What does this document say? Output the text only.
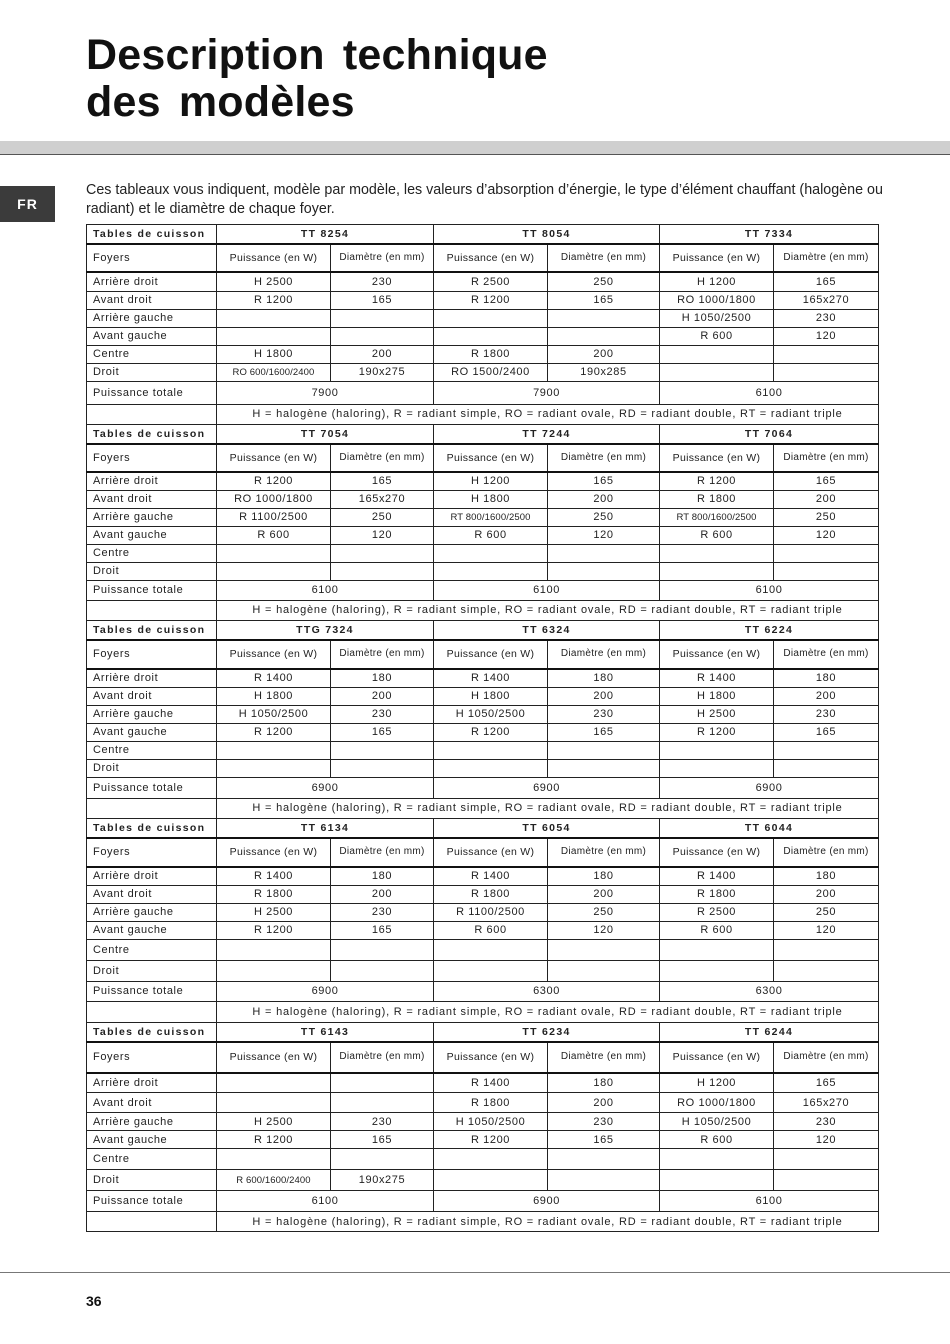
Description technique
des modèles
FR

Ces tableaux vous indiquent, modèle par modèle, les valeurs d’absorption d’énergie, le type d’élément chauffant (halogène ou radiant) et le diamètre de chaque foyer.

Tables de cuisson	TT 8254		TT 8054		TT 7334	
Foyers	Puissance (en W)	Diamètre (en mm)	Puissance (en W)	Diamètre (en mm)	Puissance (en W)	Diamètre (en mm)
Arrière droit	H 2500	230	R 2500	250	H 1200	165
Avant droit	R 1200	165	R 1200	165	RO 1000/1800	165x270
Arrière gauche					H 1050/2500	230
Avant gauche					R 600	120
Centre	H 1800	200	R 1800	200		
Droit	RO 600/1600/2400	190x275	RO 1500/2400	190x285		
Puissance totale	7900		7900		6100	
	H = halogène (haloring), R = radiant simple, RO = radiant ovale, RD = radiant double, RT = radiant triple					
Tables de cuisson	TT 7054		TT 7244		TT 7064	
Foyers	Puissance (en W)	Diamètre (en mm)	Puissance (en W)	Diamètre (en mm)	Puissance (en W)	Diamètre (en mm)
Arrière droit	R 1200	165	H 1200	165	R 1200	165
Avant droit	RO 1000/1800	165x270	H 1800	200	R 1800	200
Arrière gauche	R 1100/2500	250	RT 800/1600/2500	250	RT 800/1600/2500	250
Avant gauche	R 600	120	R 600	120	R 600	120
Centre						
Droit						
Puissance totale	6100		6100		6100	
	H = halogène (haloring), R = radiant simple, RO = radiant ovale, RD = radiant double, RT = radiant triple					
Tables de cuisson	TTG 7324		TT 6324		TT 6224	
Foyers	Puissance (en W)	Diamètre (en mm)	Puissance (en W)	Diamètre (en mm)	Puissance (en W)	Diamètre (en mm)
Arrière droit	R 1400	180	R 1400	180	R 1400	180
Avant droit	H 1800	200	H 1800	200	H 1800	200
Arrière gauche	H 1050/2500	230	H 1050/2500	230	H 2500	230
Avant gauche	R 1200	165	R 1200	165	R 1200	165
Centre						
Droit						
Puissance totale	6900		6900		6900	
	H = halogène (haloring), R = radiant simple, RO = radiant ovale, RD = radiant double, RT = radiant triple					
Tables de cuisson	TT 6134		TT 6054		TT 6044	
Foyers	Puissance (en W)	Diamètre (en mm)	Puissance (en W)	Diamètre (en mm)	Puissance (en W)	Diamètre (en mm)
Arrière droit	R 1400	180	R 1400	180	R 1400	180
Avant droit	R 1800	200	R 1800	200	R 1800	200
Arrière gauche	H 2500	230	R 1100/2500	250	R 2500	250
Avant gauche	R 1200	165	R 600	120	R 600	120
Centre						
Droit						
Puissance totale	6900		6300		6300	
	H = halogène (haloring), R = radiant simple, RO = radiant ovale, RD = radiant double, RT = radiant triple					
Tables de cuisson	TT 6143		TT 6234		TT 6244	
Foyers	Puissance (en W)	Diamètre (en mm)	Puissance (en W)	Diamètre (en mm)	Puissance (en W)	Diamètre (en mm)
Arrière droit			R 1400	180	H 1200	165
Avant droit			R 1800	200	RO 1000/1800	165x270
Arrière gauche	H 2500	230	H 1050/2500	230	H 1050/2500	230
Avant gauche	R 1200	165	R 1200	165	R 600	120
Centre						
Droit	R 600/1600/2400	190x275				
Puissance totale	6100		6900		6100	
	H = halogène (haloring), R = radiant simple, RO = radiant ovale, RD = radiant double, RT = radiant triple					
36
